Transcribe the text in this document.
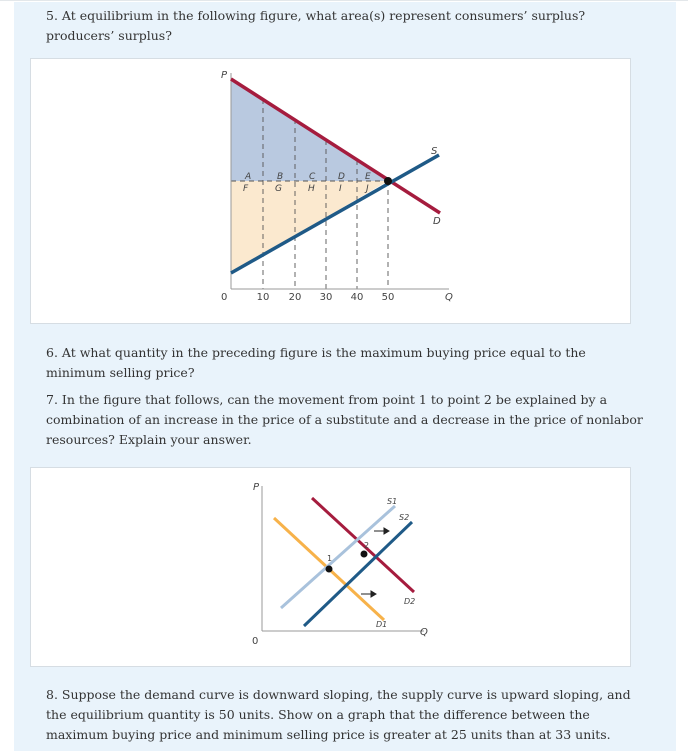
5. At equilibrium in the following figure, what area(s) represent consumers’ surplus? producers’ surplus?

P
Q
0
S
D
10 20 30 40 50
A	B	C	D E
F	G	H	I	J

6. At what quantity in the preceding figure is the maximum buying price equal to the minimum selling price?

7. In the figure that follows, can the movement from point 1 to point 2 be explained by a combination of an increase in the price of a substitute and a decrease in the price of nonlabor resources? Explain your answer.

P
Q
0
S1
S2
D2
D1
1
2

8. Suppose the demand curve is downward sloping, the supply curve is upward sloping, and the equilibrium quantity is 50 units. Show on a graph that the difference between the maximum buying price and minimum selling price is greater at 25 units than at 33 units.
